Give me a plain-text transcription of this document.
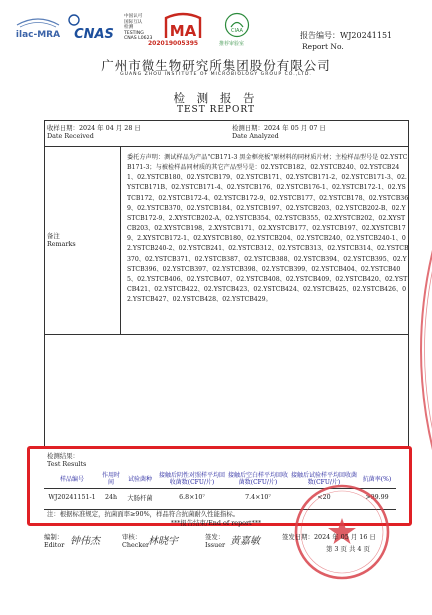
ilac-MRA CNAS
中国认可
国际互认
检测
TESTING
CNAS L0623 MA
202019005395
CIAA
推荐审验室
报告编号：WJ20241151
Report No.
广州市微生物研究所集团股份有限公司
GUANG ZHOU INSTITUTE OF MICROBIOLOGY GROUP CO.,LTD.
检 测 报 告
TEST REPORT
收样日期：2024 年 04 月 28 日
Date Received
检测日期：2024 年 05 月 07 日
Date Analyzed
备注
Remarks
委托方声明：测试样品为产品"CB171-3 黑金框亮板"原材料的同材质片材；主检样品型号是 02.YSTCB171-3；与被检样品同材质的其它产品型号是：02.YSTCB182、02.YSTCB240、02.YSTCB241、02.YSTCB180、02.YSTCB179、02.YSTCB171、02.YSTCB171-2、02.YSTCB171-3、02.YSTCB171B、02.YSTCB171-4、02.YSTCB176、02.YSTCB176-1、02.YSTCB172-1、02.YSTCB172、02.YSTCB172-4、02.YSTCB172-9、02.YSTCB177、02.YSTCB178、02.YSTCB369、02.YSTCB370、02.YSTCB184、02.YSTCB197、02.YSTCB203、02.YSTCB202-B、02.YSTCB172-9、2.XYSTCB202-A、02.YSTCB354、02.YSTCB355、02.XYSTCB202、02.XYSTCB203、02.XYSTCB198、2.XYSTCB171、02.XYSTCB177、02.YSTCB197、02.XYSTCB179、2.XYSTCB172-1、02.XYSTCB180、02.YSTCB204、02.YSTCB240、02.YSTCB240-1、02.YSTCB240-2、02.YSTCB241、02.YSTCB312、02.YSTCB313、02.YSTCB314、02.YSTCB370、02.YSTCB371、02.YSTCB387、02.YSTCB388、02.YSTCB394、02.YSTCB395、02.YSTCB396、02.YSTCB397、02.YSTCB398、02.YSTCB399、02.YSTCB404、02.YSTCB405、02.YSTCB406、02.YSTCB407、02.YSTCB408、02.YSTCB409、02.YSTCB420、02.YSTCB421、02.YSTCB422、02.YSTCB423、02.YSTCB424、02.YSTCB425、02.YSTCB426、02.YSTCB427、02.YSTCB428、02.YSTCB429。
检测结果：
Test Results
样品编号	作用时间	试验菌种	接触后阴性对照样平均回收菌数(CFU/片)	接触后空白样平均回收菌数(CFU/片)	接触后试验样平均回收菌数(CFU/片)	抗菌率(%)
WJ20241151-1	24h	大肠杆菌	6.8×10⁷	7.4×10⁷	<20	>99.99
注：根据标准规定，抗菌面率≥90%，样品符合抗菌耐久性能指标。
***报告结束/End of report***
编制：
Editor 钟伟杰	审核：
Checker
林晓宇	签发：
Issuer 黄嘉敏	签发日期：2024 年 05 月 16 日
第 3 页 共 4 页
